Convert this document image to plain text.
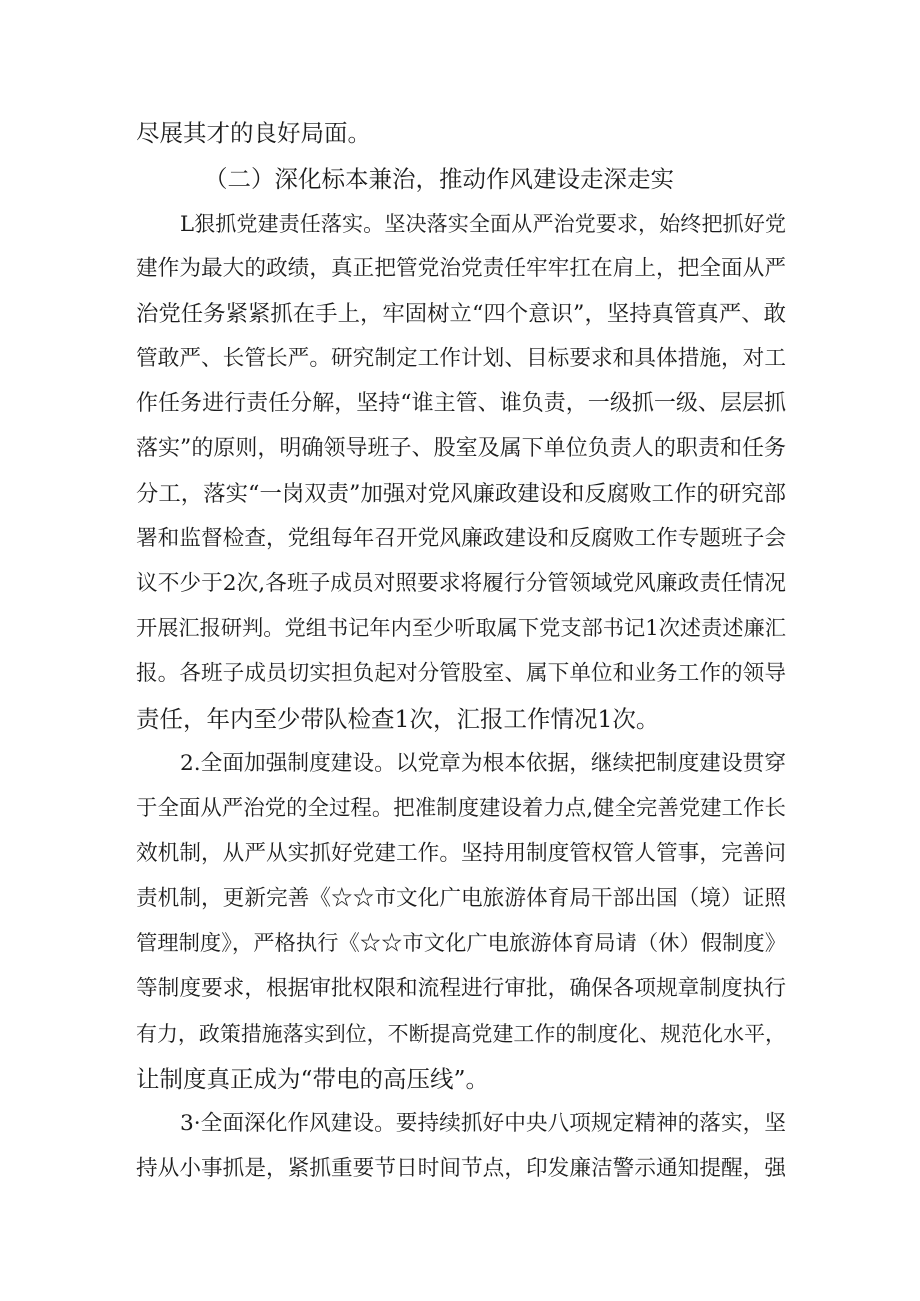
尽展其才的良好局面。

（二）深化标本兼治，推动作风建设走深走实

L狠抓党建责任落实。坚决落实全面从严治党要求，始终把抓好党

建作为最大的政绩，真正把管党治党责任牢牢扛在肩上，把全面从严

治党任务紧紧抓在手上，牢固树立“四个意识”，坚持真管真严、敢

管敢严、长管长严。研究制定工作计划、目标要求和具体措施，对工

作任务进行责任分解，坚持“谁主管、谁负责，一级抓一级、层层抓

落实”的原则，明确领导班子、股室及属下单位负责人的职责和任务

分工，落实“一岗双责”加强对党风廉政建设和反腐败工作的研究部

署和监督检查，党组每年召开党风廉政建设和反腐败工作专题班子会

议不少于2次,各班子成员对照要求将履行分管领域党风廉政责任情况

开展汇报研判。党组书记年内至少听取属下党支部书记1次述责述廉汇

报。各班子成员切实担负起对分管股室、属下单位和业务工作的领导

责任，年内至少带队检查1次，汇报工作情况1次。

2.全面加强制度建设。以党章为根本依据，继续把制度建设贯穿

于全面从严治党的全过程。把准制度建设着力点,健全完善党建工作长

效机制，从严从实抓好党建工作。坚持用制度管权管人管事，完善问

责机制，更新完善《☆☆市文化广电旅游体育局干部出国（境）证照

管理制度》，严格执行《☆☆市文化广电旅游体育局请（休）假制度》

等制度要求，根据审批权限和流程进行审批，确保各项规章制度执行

有力，政策措施落实到位，不断提高党建工作的制度化、规范化水平，

让制度真正成为“带电的高压线”。

3·全面深化作风建设。要持续抓好中央八项规定精神的落实，坚

持从小事抓是，紧抓重要节日时间节点，印发廉洁警示通知提醒，强
